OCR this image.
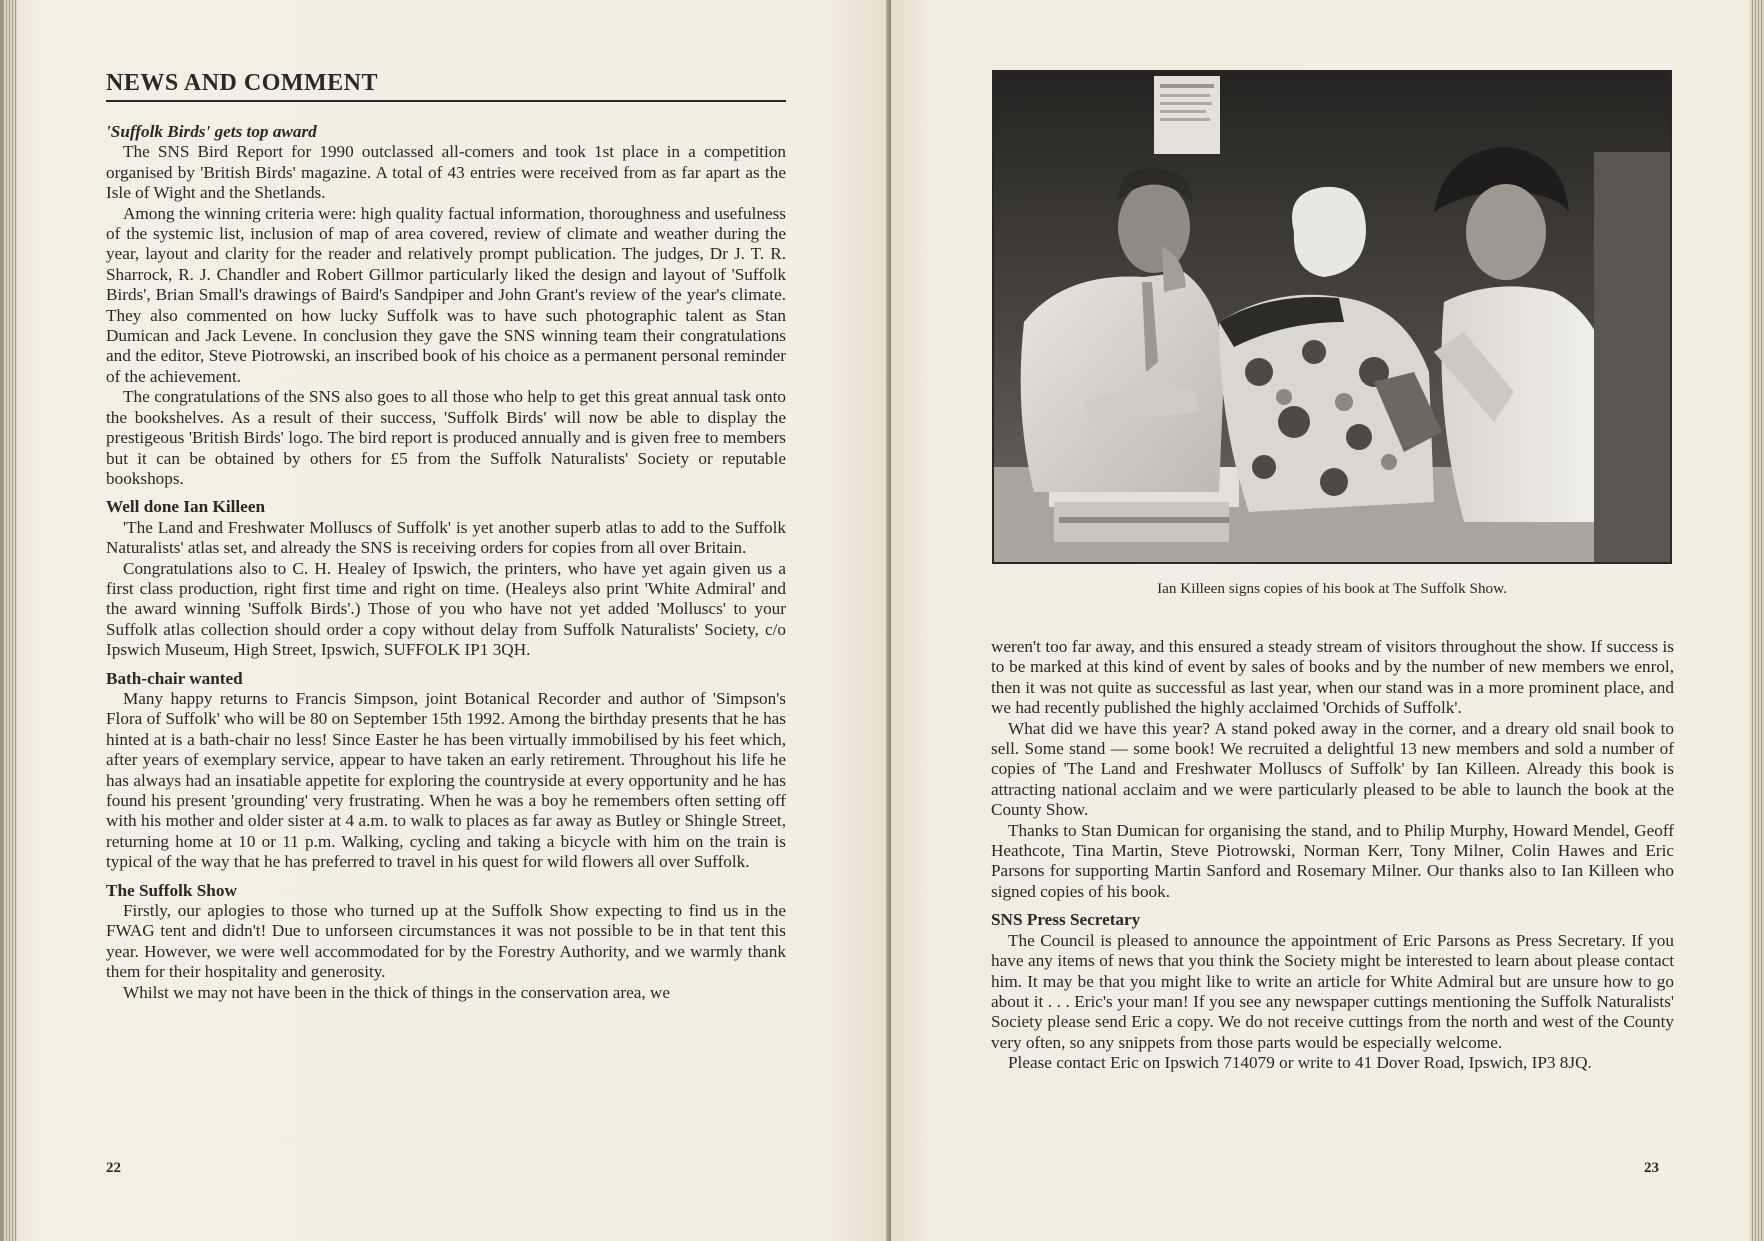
NEWS AND COMMENT
'Suffolk Birds' gets top award

The SNS Bird Report for 1990 outclassed all-comers and took 1st place in a competition organised by 'British Birds' magazine. A total of 43 entries were received from as far apart as the Isle of Wight and the Shetlands.

Among the winning criteria were: high quality factual information, thoroughness and usefulness of the systemic list, inclusion of map of area covered, review of climate and weather during the year, layout and clarity for the reader and relatively prompt publication. The judges, Dr J. T. R. Sharrock, R. J. Chandler and Robert Gillmor particularly liked the design and layout of 'Suffolk Birds', Brian Small's drawings of Baird's Sandpiper and John Grant's review of the year's climate. They also commented on how lucky Suffolk was to have such photographic talent as Stan Dumican and Jack Levene. In conclusion they gave the SNS winning team their congratulations and the editor, Steve Piotrowski, an inscribed book of his choice as a permanent personal reminder of the achievement.

The congratulations of the SNS also goes to all those who help to get this great annual task onto the bookshelves. As a result of their success, 'Suffolk Birds' will now be able to display the prestigeous 'British Birds' logo. The bird report is produced annually and is given free to members but it can be obtained by others for £5 from the Suffolk Naturalists' Society or reputable bookshops.

Well done Ian Killeen

'The Land and Freshwater Molluscs of Suffolk' is yet another superb atlas to add to the Suffolk Naturalists' atlas set, and already the SNS is receiving orders for copies from all over Britain.

Congratulations also to C. H. Healey of Ipswich, the printers, who have yet again given us a first class production, right first time and right on time. (Healeys also print 'White Admiral' and the award winning 'Suffolk Birds'.) Those of you who have not yet added 'Molluscs' to your Suffolk atlas collection should order a copy without delay from Suffolk Naturalists' Society, c/o Ipswich Museum, High Street, Ipswich, SUFFOLK IP1 3QH.

Bath-chair wanted

Many happy returns to Francis Simpson, joint Botanical Recorder and author of 'Simpson's Flora of Suffolk' who will be 80 on September 15th 1992. Among the birthday presents that he has hinted at is a bath-chair no less! Since Easter he has been virtually immobilised by his feet which, after years of exemplary service, appear to have taken an early retirement. Throughout his life he has always had an insatiable appetite for exploring the countryside at every opportunity and he has found his present 'grounding' very frustrating. When he was a boy he remembers often setting off with his mother and older sister at 4 a.m. to walk to places as far away as Butley or Shingle Street, returning home at 10 or 11 p.m. Walking, cycling and taking a bicycle with him on the train is typical of the way that he has preferred to travel in his quest for wild flowers all over Suffolk.

The Suffolk Show

Firstly, our aplogies to those who turned up at the Suffolk Show expecting to find us in the FWAG tent and didn't! Due to unforseen circumstances it was not possible to be in that tent this year. However, we were well accommodated for by the Forestry Authority, and we warmly thank them for their hospitality and generosity.

Whilst we may not have been in the thick of things in the conservation area, we

22
Ian Killeen signs copies of his book at The Suffolk Show.

weren't too far away, and this ensured a steady stream of visitors throughout the show. If success is to be marked at this kind of event by sales of books and by the number of new members we enrol, then it was not quite as successful as last year, when our stand was in a more prominent place, and we had recently published the highly acclaimed 'Orchids of Suffolk'.

What did we have this year? A stand poked away in the corner, and a dreary old snail book to sell. Some stand — some book! We recruited a delightful 13 new members and sold a number of copies of 'The Land and Freshwater Molluscs of Suffolk' by Ian Killeen. Already this book is attracting national acclaim and we were particularly pleased to be able to launch the book at the County Show.

Thanks to Stan Dumican for organising the stand, and to Philip Murphy, Howard Mendel, Geoff Heathcote, Tina Martin, Steve Piotrowski, Norman Kerr, Tony Milner, Colin Hawes and Eric Parsons for supporting Martin Sanford and Rosemary Milner. Our thanks also to Ian Killeen who signed copies of his book.

SNS Press Secretary

The Council is pleased to announce the appointment of Eric Parsons as Press Secretary. If you have any items of news that you think the Society might be interested to learn about please contact him. It may be that you might like to write an article for White Admiral but are unsure how to go about it . . . Eric's your man! If you see any newspaper cuttings mentioning the Suffolk Naturalists' Society please send Eric a copy. We do not receive cuttings from the north and west of the County very often, so any snippets from those parts would be especially welcome.

Please contact Eric on Ipswich 714079 or write to 41 Dover Road, Ipswich, IP3 8JQ.

23
